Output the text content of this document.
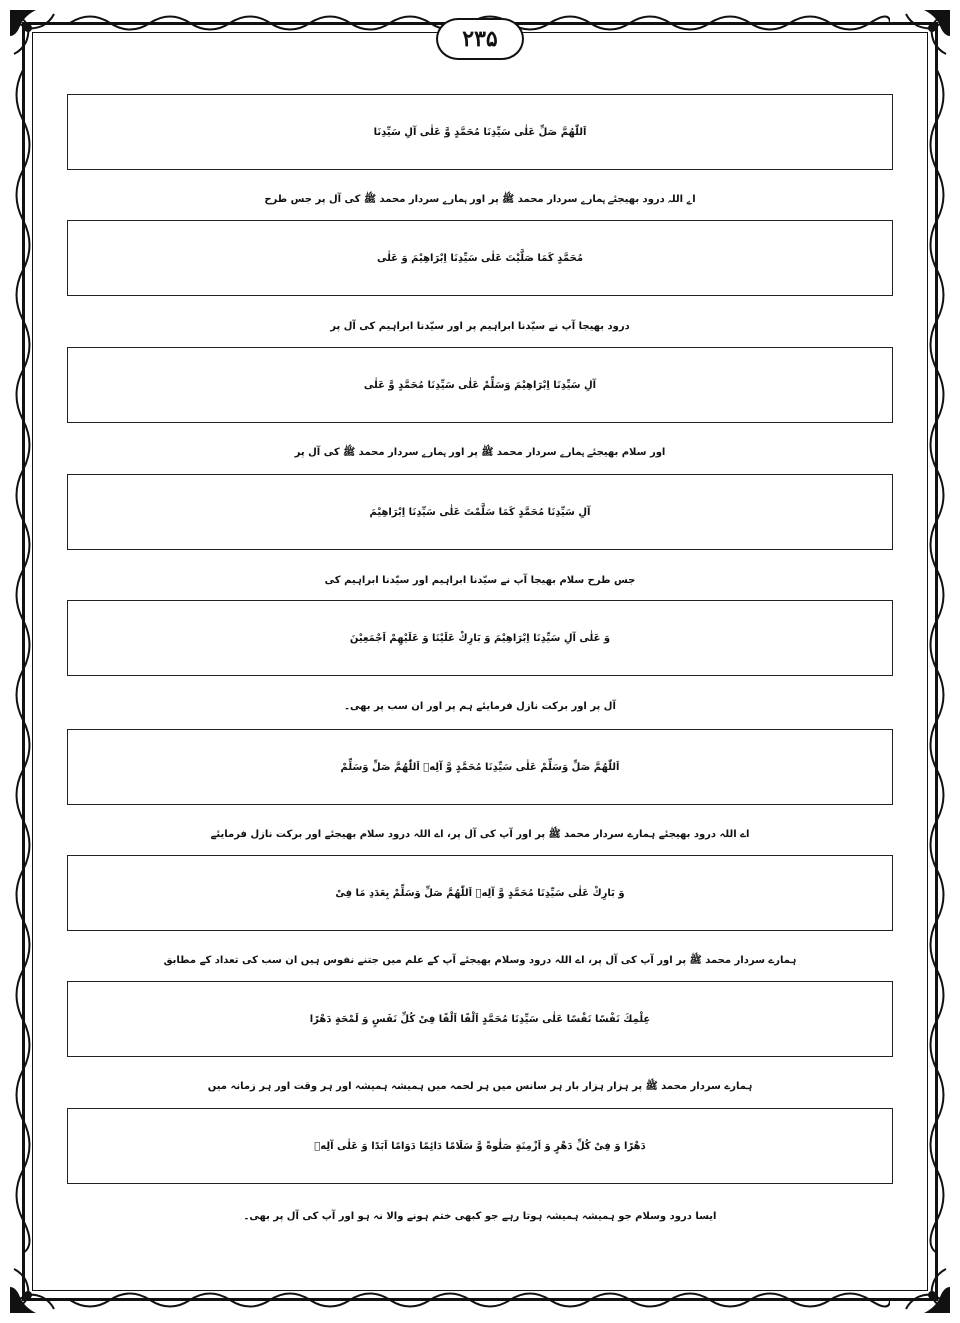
۲۳۵
اَللّٰهُمَّ صَلِّ عَلٰى سَيِّدِنَا مُحَمَّدٍ وَّ عَلٰى آلِ سَيِّدِنَا
اے اللہ درود بھیجئے ہمارے سردار محمد ﷺ پر اور ہمارے سردار محمد ﷺ کی آل پر جس طرح
مُحَمَّدٍ كَمَا صَلَّيْتَ عَلٰى سَيِّدِنَا اِبْرَاهِيْمَ وَ عَلٰى
درود بھیجا آپ نے سیّدنا ابراہیم پر اور سیّدنا ابراہیم کی آل پر
آلِ سَيِّدِنَا اِبْرَاهِيْمَ وَسَلِّمْ عَلٰى سَيِّدِنَا مُحَمَّدٍ وَّ عَلٰى
اور سلام بھیجئے ہمارے سردار محمد ﷺ پر اور ہمارے سردار محمد ﷺ کی آل پر
آلِ سَيِّدِنَا مُحَمَّدٍ كَمَا سَلَّمْتَ عَلٰى سَيِّدِنَا اِبْرَاهِيْمَ
جس طرح سلام بھیجا آپ نے سیّدنا ابراہیم اور سیّدنا ابراہیم کی
وَ عَلٰى آلِ سَيِّدِنَا اِبْرَاهِيْمَ وَ بَارِكْ عَلَيْنَا وَ عَلَيْهِمْ اَجْمَعِيْنَ
آل پر اور برکت نازل فرمایئے ہم پر اور ان سب پر بھی۔
اَللّٰهُمَّ صَلِّ وَسَلِّمْ عَلٰى سَيِّدِنَا مُحَمَّدٍ وَّ آلِهٖ اَللّٰهُمَّ صَلِّ وَسَلِّمْ
اے اللہ درود بھیجئے ہمارے سردار محمد ﷺ پر اور آپ کی آل پر، اے اللہ درود سلام بھیجئے اور برکت نازل فرمایئے
وَ بَارِكْ عَلٰى سَيِّدِنَا مُحَمَّدٍ وَّ آلِهٖ اَللّٰهُمَّ صَلِّ وَسَلِّمْ بِعَدَدِ مَا فِىْ
ہمارے سردار محمد ﷺ پر اور آپ کی آل پر، اے اللہ درود وسلام بھیجئے آپ کے علم میں جتنے نفوس ہیں ان سب کی تعداد کے مطابق
عِلْمِكَ نَفْسًا نَفْسًا عَلٰى سَيِّدِنَا مُحَمَّدٍ اَلْفًا اَلْفًا فِىْ كُلِّ نَفَسٍ وَ لَمْحَةٍ دَهْرًا
ہمارے سردار محمد ﷺ پر ہزار ہزار بار ہر سانس میں ہر لحمہ میں ہمیشہ ہمیشہ اور ہر وقت اور ہر زمانہ میں
دَهْرًا وَ فِىْ كُلِّ دَهْرٍ وَ اَزْمِنَةٍ صَلٰوةً وَّ سَلَامًا دَائِمًا دَوَامًا اَبَدًا وَ عَلٰى آلِهٖ
ایسا درود وسلام جو ہمیشہ ہمیشہ ہوتا رہے جو کبھی ختم ہونے والا نہ ہو اور آپ کی آل پر بھی۔
